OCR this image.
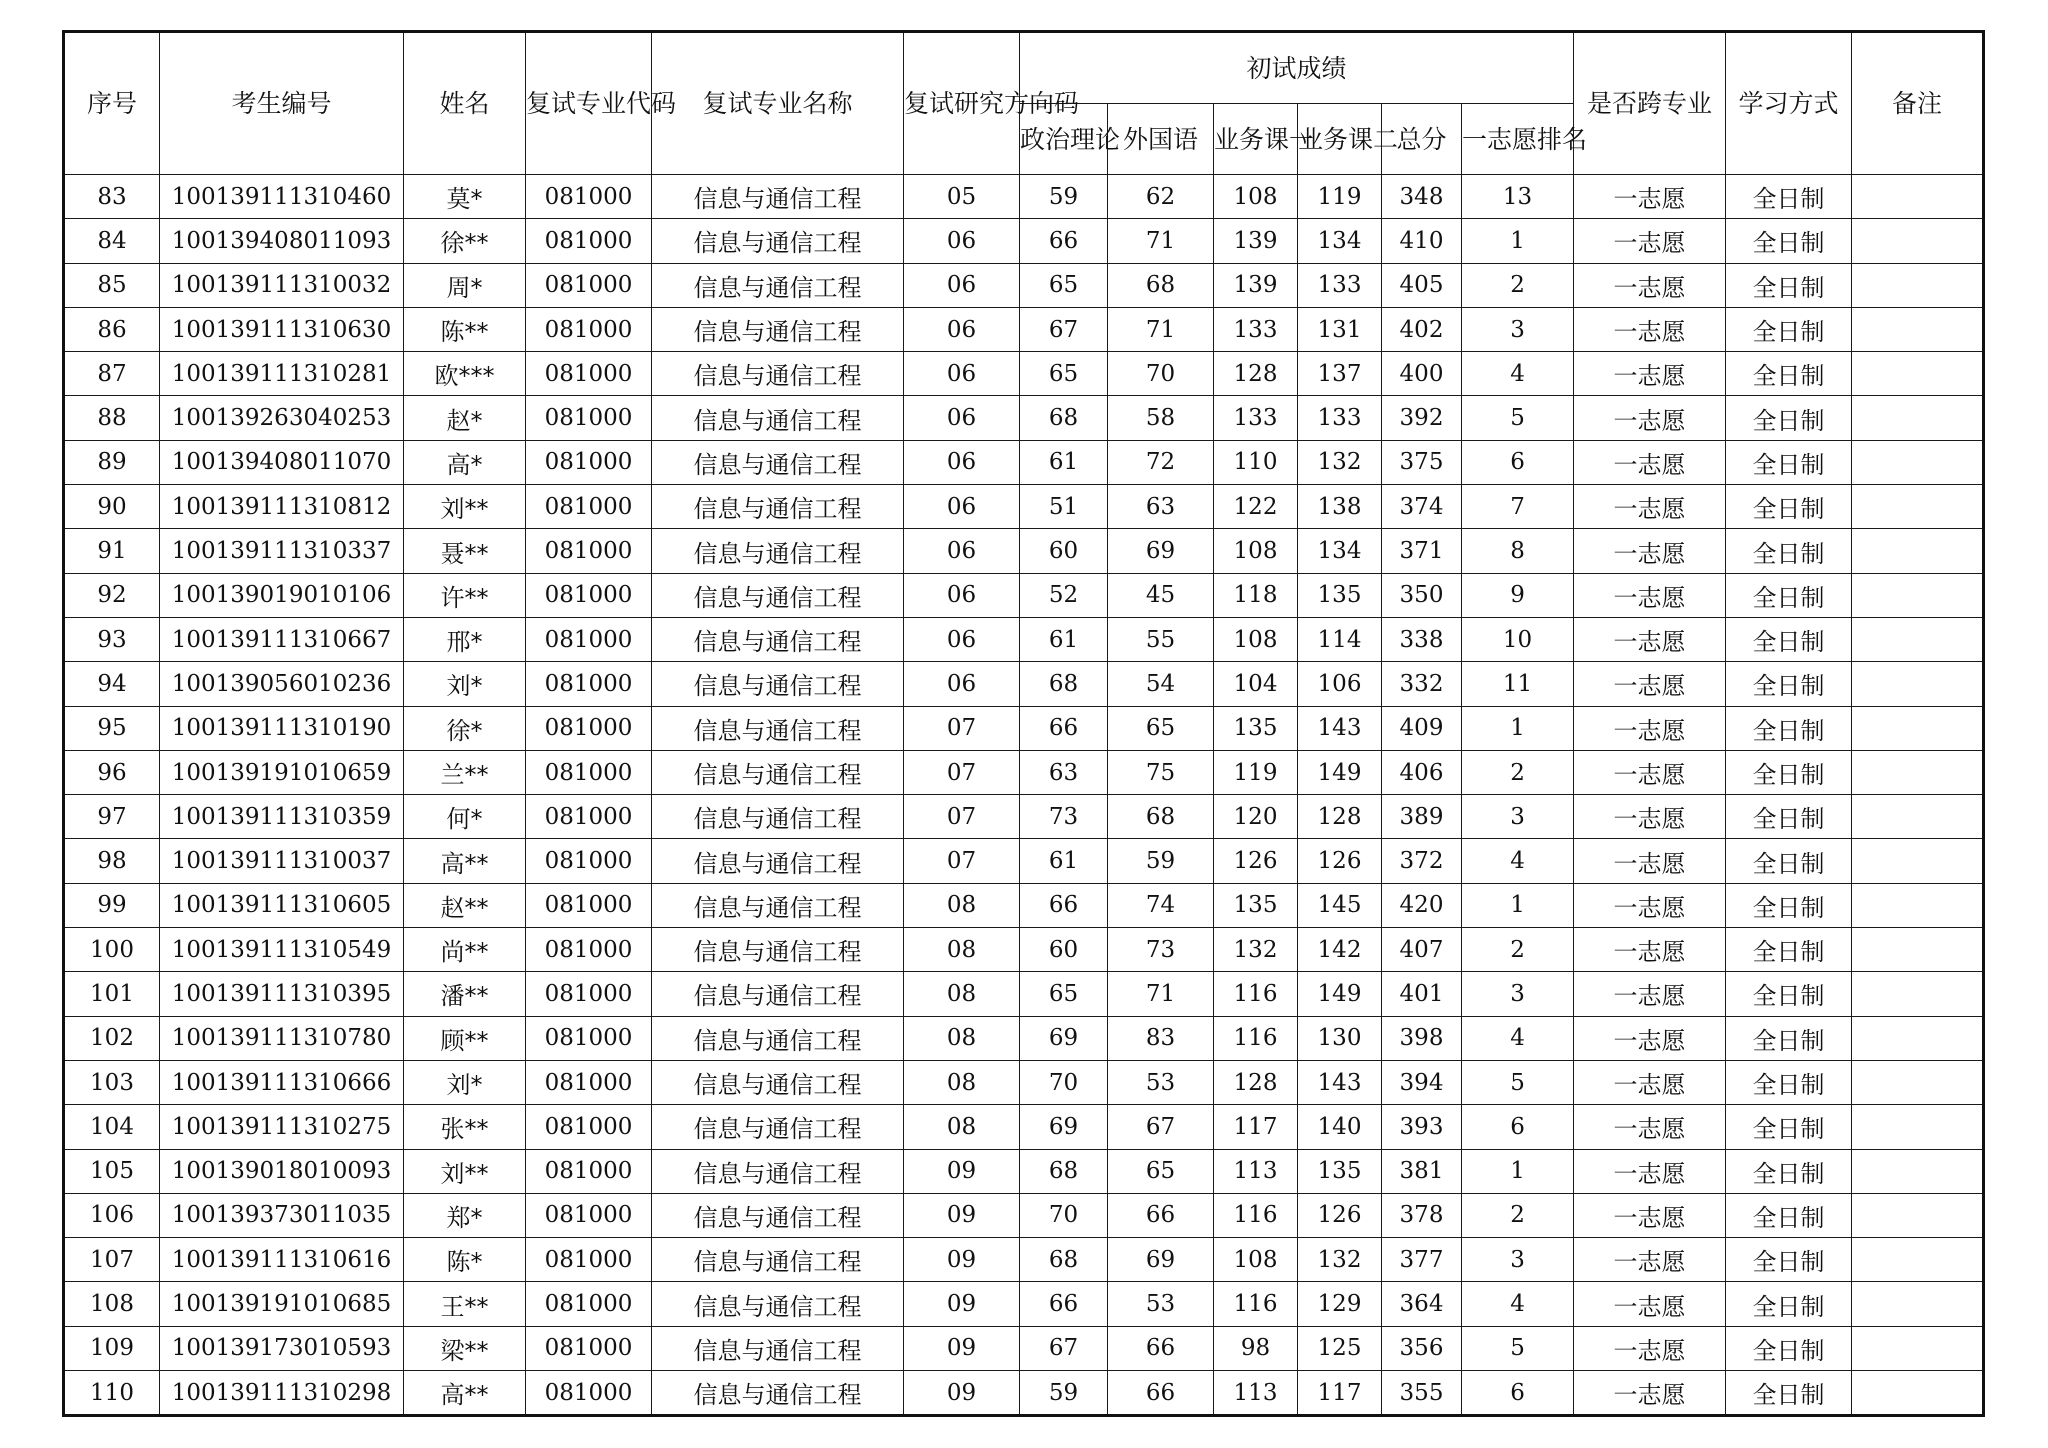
序号	考生编号	姓名	复试专业代码	复试专业名称	复试研究方向码	初试成绩						是否跨专业	学习方式	备注
						政治理论	外国语	业务课一	业务课二	总分	一志愿排名			
83	100139111310460	莫*	081000	信息与通信工程	05	59	62	108	119	348	13	一志愿	全日制	
84	100139408011093	徐**	081000	信息与通信工程	06	66	71	139	134	410	1	一志愿	全日制	
85	100139111310032	周*	081000	信息与通信工程	06	65	68	139	133	405	2	一志愿	全日制	
86	100139111310630	陈**	081000	信息与通信工程	06	67	71	133	131	402	3	一志愿	全日制	
87	100139111310281	欧***	081000	信息与通信工程	06	65	70	128	137	400	4	一志愿	全日制	
88	100139263040253	赵*	081000	信息与通信工程	06	68	58	133	133	392	5	一志愿	全日制	
89	100139408011070	高*	081000	信息与通信工程	06	61	72	110	132	375	6	一志愿	全日制	
90	100139111310812	刘**	081000	信息与通信工程	06	51	63	122	138	374	7	一志愿	全日制	
91	100139111310337	聂**	081000	信息与通信工程	06	60	69	108	134	371	8	一志愿	全日制	
92	100139019010106	许**	081000	信息与通信工程	06	52	45	118	135	350	9	一志愿	全日制	
93	100139111310667	邢*	081000	信息与通信工程	06	61	55	108	114	338	10	一志愿	全日制	
94	100139056010236	刘*	081000	信息与通信工程	06	68	54	104	106	332	11	一志愿	全日制	
95	100139111310190	徐*	081000	信息与通信工程	07	66	65	135	143	409	1	一志愿	全日制	
96	100139191010659	兰**	081000	信息与通信工程	07	63	75	119	149	406	2	一志愿	全日制	
97	100139111310359	何*	081000	信息与通信工程	07	73	68	120	128	389	3	一志愿	全日制	
98	100139111310037	高**	081000	信息与通信工程	07	61	59	126	126	372	4	一志愿	全日制	
99	100139111310605	赵**	081000	信息与通信工程	08	66	74	135	145	420	1	一志愿	全日制	
100	100139111310549	尚**	081000	信息与通信工程	08	60	73	132	142	407	2	一志愿	全日制	
101	100139111310395	潘**	081000	信息与通信工程	08	65	71	116	149	401	3	一志愿	全日制	
102	100139111310780	顾**	081000	信息与通信工程	08	69	83	116	130	398	4	一志愿	全日制	
103	100139111310666	刘*	081000	信息与通信工程	08	70	53	128	143	394	5	一志愿	全日制	
104	100139111310275	张**	081000	信息与通信工程	08	69	67	117	140	393	6	一志愿	全日制	
105	100139018010093	刘**	081000	信息与通信工程	09	68	65	113	135	381	1	一志愿	全日制	
106	100139373011035	郑*	081000	信息与通信工程	09	70	66	116	126	378	2	一志愿	全日制	
107	100139111310616	陈*	081000	信息与通信工程	09	68	69	108	132	377	3	一志愿	全日制	
108	100139191010685	王**	081000	信息与通信工程	09	66	53	116	129	364	4	一志愿	全日制	
109	100139173010593	梁**	081000	信息与通信工程	09	67	66	98	125	356	5	一志愿	全日制	
110	100139111310298	高**	081000	信息与通信工程	09	59	66	113	117	355	6	一志愿	全日制	
